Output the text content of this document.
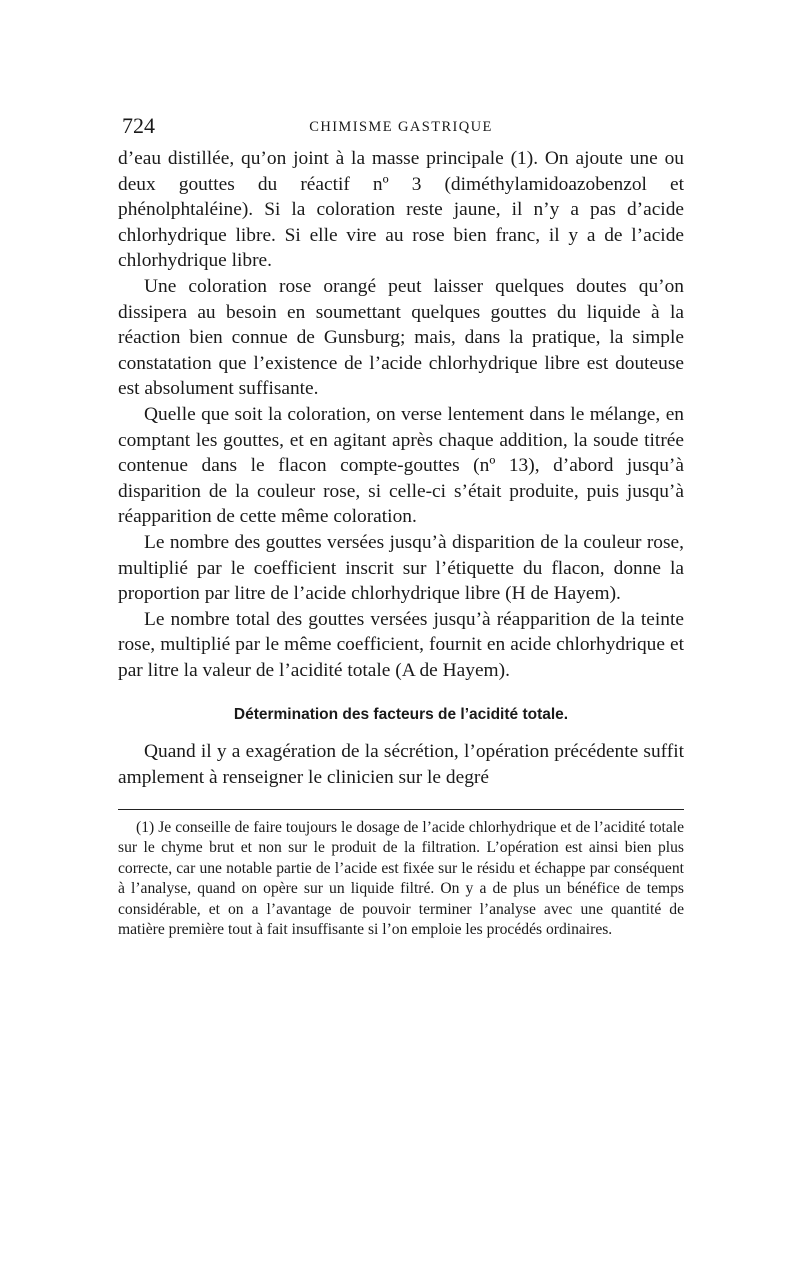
724	CHIMISME GASTRIQUE

d’eau distillée, qu’on joint à la masse principale (1). On ajoute une ou deux gouttes du réactif nº 3 (diméthylamidoazobenzol et phénolphtaléine). Si la coloration reste jaune, il n’y a pas d’acide chlorhydrique libre. Si elle vire au rose bien franc, il y a de l’acide chlorhydrique libre.

Une coloration rose orangé peut laisser quelques doutes qu’on dissipera au besoin en soumettant quelques gouttes du liquide à la réaction bien connue de Gunsburg; mais, dans la pratique, la simple constatation que l’existence de l’acide chlorhydrique libre est douteuse est absolument suffisante.

Quelle que soit la coloration, on verse lentement dans le mélange, en comptant les gouttes, et en agitant après chaque addition, la soude titrée contenue dans le flacon compte-gouttes (nº 13), d’abord jusqu’à disparition de la couleur rose, si celle-ci s’était produite, puis jusqu’à réapparition de cette même coloration.

Le nombre des gouttes versées jusqu’à disparition de la couleur rose, multiplié par le coefficient inscrit sur l’étiquette du flacon, donne la proportion par litre de l’acide chlorhydrique libre (H de Hayem).

Le nombre total des gouttes versées jusqu’à réapparition de la teinte rose, multiplié par le même coefficient, fournit en acide chlorhydrique et par litre la valeur de l’acidité totale (A de Hayem).

Détermination des facteurs de l’acidité totale.

Quand il y a exagération de la sécrétion, l’opération précédente suffit amplement à renseigner le clinicien sur le degré

(1) Je conseille de faire toujours le dosage de l’acide chlorhydrique et de l’acidité totale sur le chyme brut et non sur le produit de la filtration. L’opération est ainsi bien plus correcte, car une notable partie de l’acide est fixée sur le résidu et échappe par conséquent à l’analyse, quand on opère sur un liquide filtré. On y a de plus un bénéfice de temps considérable, et on a l’avantage de pouvoir terminer l’analyse avec une quantité de matière première tout à fait insuffisante si l’on emploie les procédés ordinaires.
